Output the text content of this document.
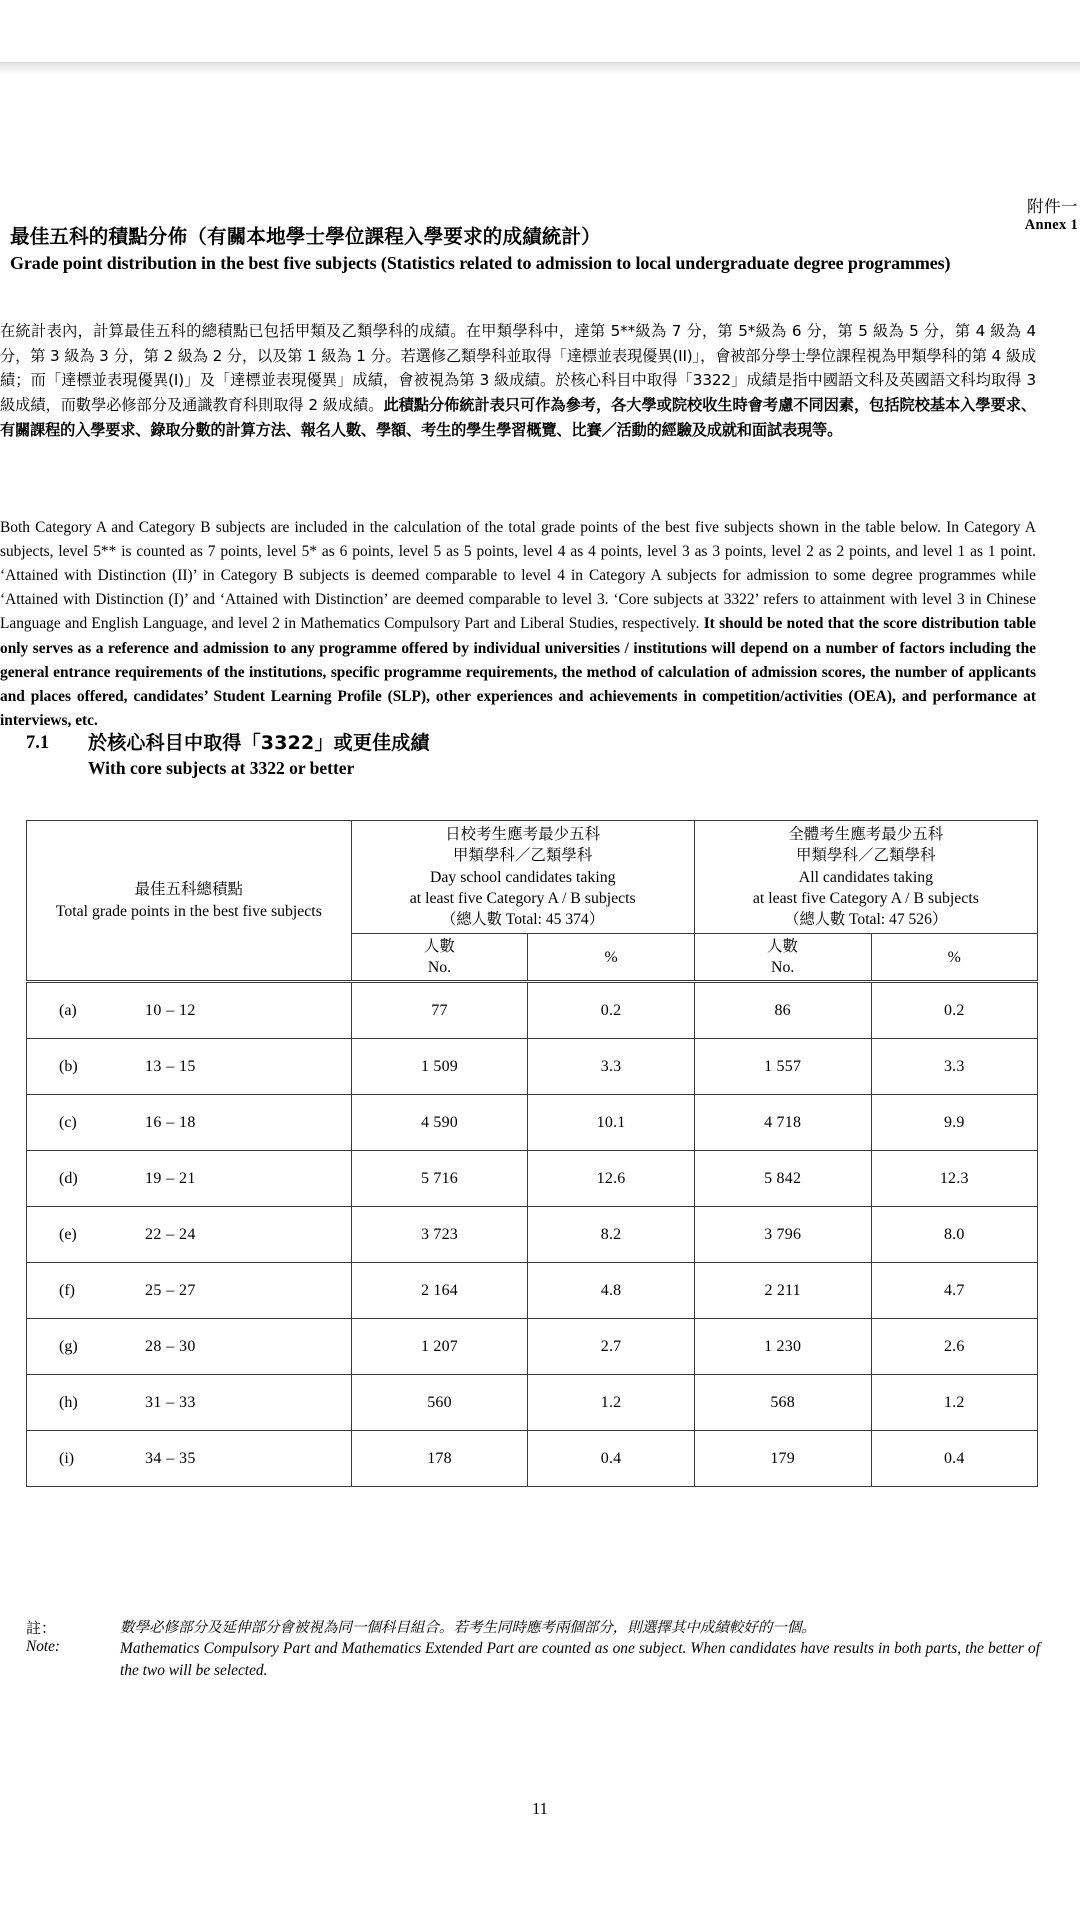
附件一
Annex 1
最佳五科的積點分佈（有關本地學士學位課程入學要求的成績統計）
Grade point distribution in the best five subjects (Statistics related to admission to local undergraduate degree programmes)
在統計表內，計算最佳五科的總積點已包括甲類及乙類學科的成績。在甲類學科中，達第 5**級為 7 分，第 5*級為 6 分，第 5 級為 5 分，第 4 級為 4 分，第 3 級為 3 分，第 2 級為 2 分，以及第 1 級為 1 分。若選修乙類學科並取得「達標並表現優異(II)」，會被部分學士學位課程視為甲類學科的第 4 級成績；而「達標並表現優異(I)」及「達標並表現優異」成績，會被視為第 3 級成績。於核心科目中取得「3322」成績是指中國語文科及英國語文科均取得 3 級成績，而數學必修部分及通識教育科則取得 2 級成績。此積點分佈統計表只可作為參考，各大學或院校收生時會考慮不同因素，包括院校基本入學要求、有關課程的入學要求、錄取分數的計算方法、報名人數、學額、考生的學生學習概覽、比賽／活動的經驗及成就和面試表現等。
Both Category A and Category B subjects are included in the calculation of the total grade points of the best five subjects shown in the table below. In Category A subjects, level 5** is counted as 7 points, level 5* as 6 points, level 5 as 5 points, level 4 as 4 points, level 3 as 3 points, level 2 as 2 points, and level 1 as 1 point. ‘Attained with Distinction (II)’ in Category B subjects is deemed comparable to level 4 in Category A subjects for admission to some degree programmes while ‘Attained with Distinction (I)’ and ‘Attained with Distinction’ are deemed comparable to level 3. ‘Core subjects at 3322’ refers to attainment with level 3 in Chinese Language and English Language, and level 2 in Mathematics Compulsory Part and Liberal Studies, respectively. It should be noted that the score distribution table only serves as a reference and admission to any programme offered by individual universities / institutions will depend on a number of factors including the general entrance requirements of the institutions, specific programme requirements, the method of calculation of admission scores, the number of applicants and places offered, candidates’ Student Learning Profile (SLP), other experiences and achievements in competition/activities (OEA), and performance at interviews, etc.
7.1 於核心科目中取得「3322」或更佳成績
With core subjects at 3322 or better
最佳五科總積點
Total grade points in the best five subjects

日校考生應考最少五科
甲類學科／乙類學科
Day school candidates taking
at least five Category A / B subjects
（總人數 Total: 45 374）

全體考生應考最少五科
甲類學科／乙類學科
All candidates taking
at least five Category A / B subjects
（總人數 Total: 47 526）

人數
No.

%

人數
No.

%

(a) 10 – 12	77	0.2	86	0.2

(b) 13 – 15	1 509	3.3	1 557	3.3

(c) 16 – 18	4 590	10.1	4 718	9.9

(d) 19 – 21	5 716	12.6	5 842	12.3

(e) 22 – 24	3 723	8.2	3 796	8.0

(f) 25 – 27	2 164	4.8	2 211	4.7

(g) 28 – 30	1 207	2.7	1 230	2.6

(h) 31 – 33	560	1.2	568	1.2

(i) 34 – 35	178	0.4	179	0.4
註：	數學必修部分及延伸部分會被視為同一個科目組合。若考生同時應考兩個部分，則選擇其中成績較好的一個。
Note:	Mathematics Compulsory Part and Mathematics Extended Part are counted as one subject. When candidates have results in both parts, the better of the two will be selected.
11
